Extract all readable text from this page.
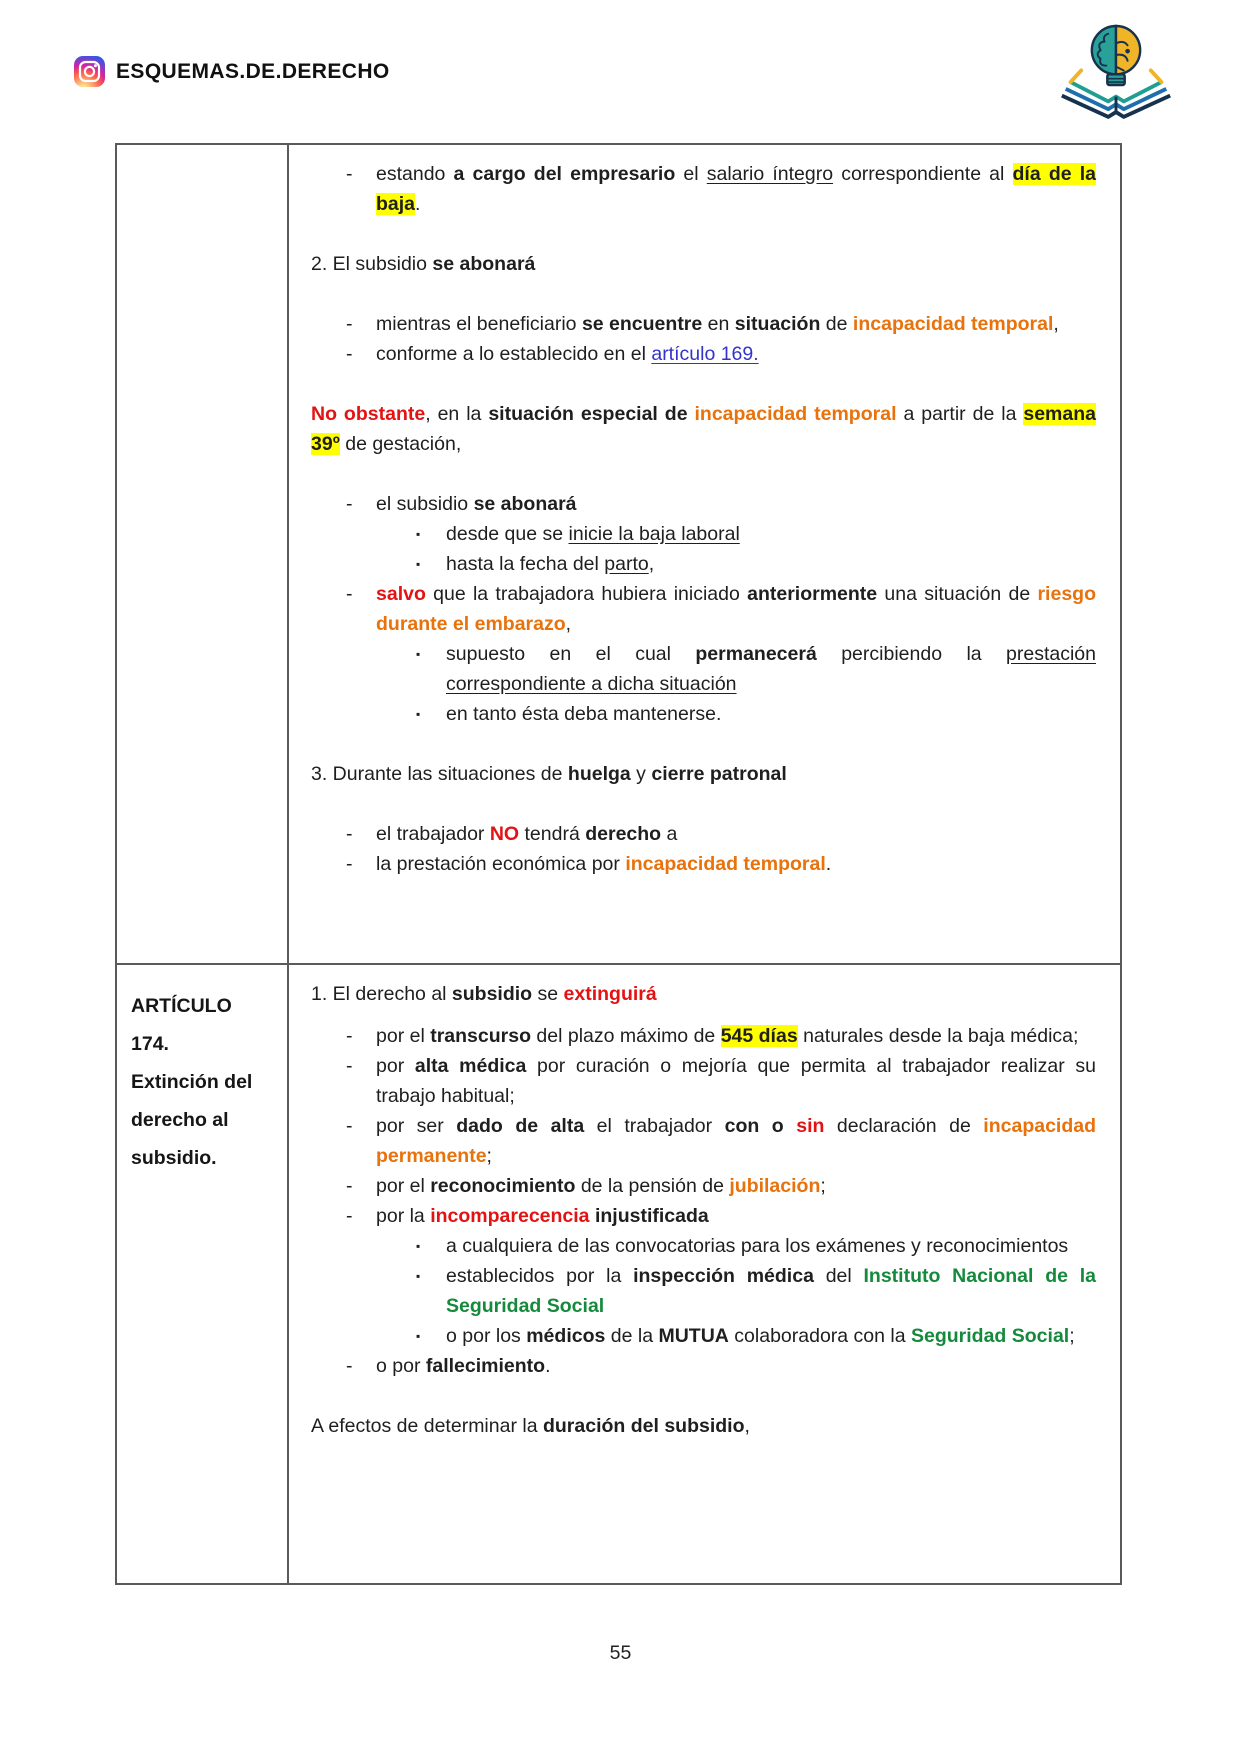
ESQUEMAS.DE.DERECHO

-	estando a cargo del empresario el salario íntegro correspondiente al día de la baja.
2. El subsidio se abonará
-	mientras el beneficiario se encuentre en situación de incapacidad temporal,
-	conforme a lo establecido en el artículo 169.
No obstante, en la situación especial de incapacidad temporal a partir de la semana 39º de gestación,
-	el subsidio se abonará
▪	desde que se inicie la baja laboral
▪	hasta la fecha del parto,
-	salvo que la trabajadora hubiera iniciado anteriormente una situación de riesgo durante el embarazo,
▪	supuesto en el cual permanecerá percibiendo la prestación correspondiente a dicha situación
▪	en tanto ésta deba mantenerse.
3. Durante las situaciones de huelga y cierre patronal
-	el trabajador NO tendrá derecho a
-	la prestación económica por incapacidad temporal.

ARTÍCULO 174.
Extinción del
derecho al
subsidio.

1. El derecho al subsidio se extinguirá
-	por el transcurso del plazo máximo de 545 días naturales desde la baja médica;
-	por alta médica por curación o mejoría que permita al trabajador realizar su trabajo habitual;
-	por ser dado de alta el trabajador con o sin declaración de incapacidad permanente;
-	por el reconocimiento de la pensión de jubilación;
-	por la incomparecencia injustificada
▪	a cualquiera de las convocatorias para los exámenes y reconocimientos
▪	establecidos por la inspección médica del Instituto Nacional de la Seguridad Social
▪	o por los médicos de la MUTUA colaboradora con la Seguridad Social;
-	o por fallecimiento.
A efectos de determinar la duración del subsidio,
55
